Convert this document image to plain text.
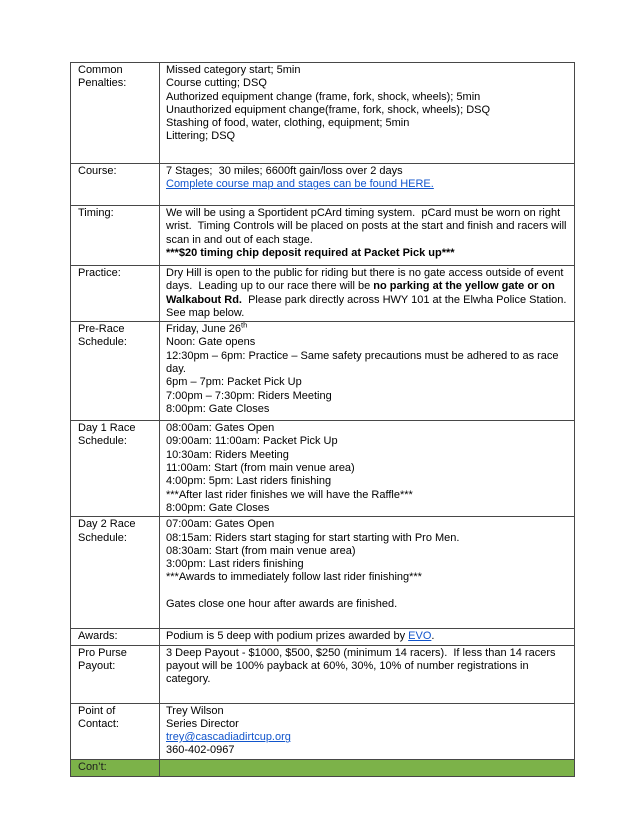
Common Penalties:
Missed category start; 5min
Course cutting; DSQ
Authorized equipment change (frame, fork, shock, wheels); 5min
Unauthorized equipment change(frame, fork, shock, wheels); DSQ
Stashing of food, water, clothing, equipment; 5min
Littering; DSQ
Course:	7 Stages;  30 miles; 6600ft gain/loss over 2 days
Complete course map and stages can be found HERE.
Timing:	We will be using a Sportident pCArd timing system.  pCard must be worn on right wrist.  Timing Controls will be placed on posts at the start and finish and racers will scan in and out of each stage.
***$20 timing chip deposit required at Packet Pick up***
Practice:	Dry Hill is open to the public for riding but there is no gate access outside of event days.  Leading up to our race there will be no parking at the yellow gate or on Walkabout Rd.  Please park directly across HWY 101 at the Elwha Police Station.  See map below.
Pre-Race Schedule:
Friday, June 26th
Noon: Gate opens
12:30pm – 6pm: Practice – Same safety precautions must be adhered to as race day.
6pm – 7pm: Packet Pick Up
7:00pm – 7:30pm: Riders Meeting
8:00pm: Gate Closes
Day 1 Race Schedule:
08:00am: Gates Open
09:00am: 11:00am: Packet Pick Up
10:30am: Riders Meeting
11:00am: Start (from main venue area)
4:00pm: 5pm: Last riders finishing
***After last rider finishes we will have the Raffle***
8:00pm: Gate Closes
Day 2 Race Schedule:
07:00am: Gates Open
08:15am: Riders start staging for start starting with Pro Men.
08:30am: Start (from main venue area)
3:00pm: Last riders finishing
***Awards to immediately follow last rider finishing***
Gates close one hour after awards are finished.
Awards:	Podium is 5 deep with podium prizes awarded by EVO.
Pro Purse Payout:
3 Deep Payout - $1000, $500, $250 (minimum 14 racers).  If less than 14 racers payout will be 100% payback at 60%, 30%, 10% of number registrations in category.
Point of Contact:
Trey Wilson
Series Director
trey@cascadiadirtcup.org
360-402-0967
Con’t:
